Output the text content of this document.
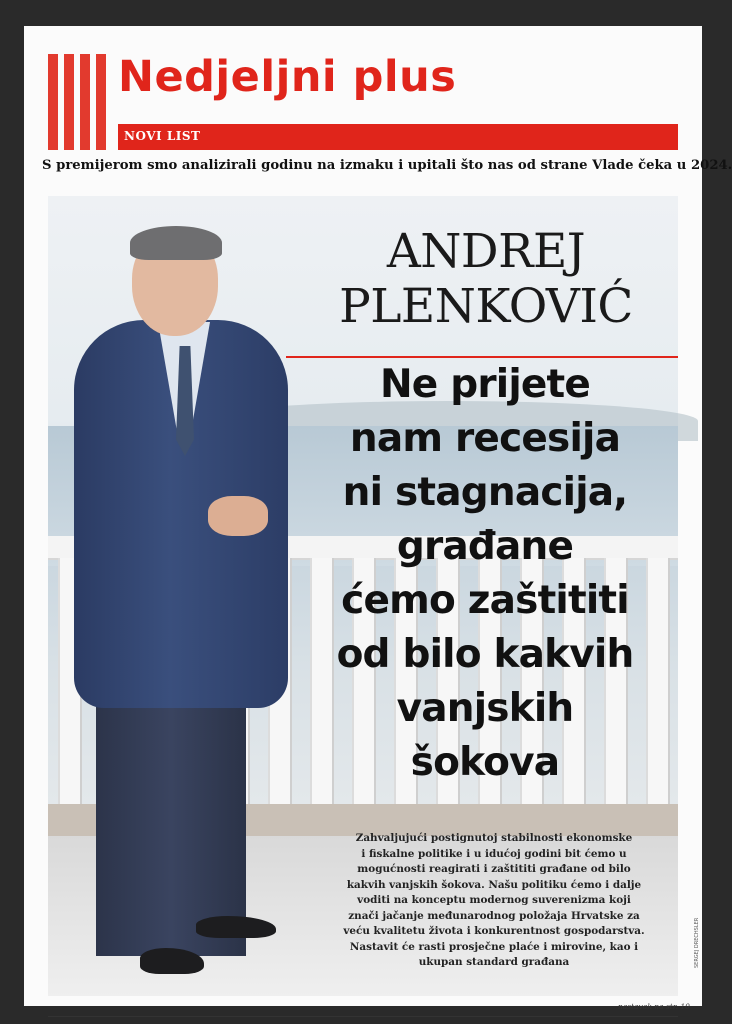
Nedjeljni plus

NOVI LIST

S premijerom smo analizirali godinu na izmaku i upitali što nas od strane Vlade čeka u 2024.

ANDREJ
PLENKOVIĆ
Ne prijete
nam recesija
ni stagnacija,
građane
ćemo zaštititi
od bilo kakvih
vanjskih
šokova

Zahvaljujući postignutoj stabilnosti ekonomske
i fiskalne politike i u idućoj godini bit ćemo u
mogućnosti reagirati i zaštititi građane od bilo
kakvih vanjskih šokova. Našu politiku ćemo i dalje
voditi na konceptu modernog suverenizma koji
znači jačanje međunarodnog položaja Hrvatske za
veću kvalitetu života i konkurentnost gospodarstva.
Nastavit će rasti prosječne plaće i mirovine, kao i
ukupan standard građana	SERGEJ DRECHSLER

nastavak na str. 10
